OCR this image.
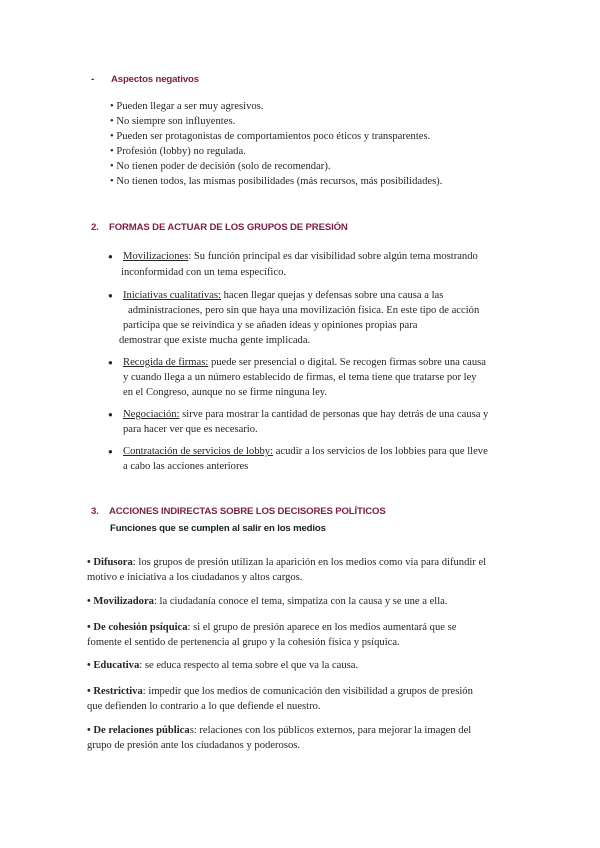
- Aspectos negativos
• Pueden llegar a ser muy agresivos.
• No siempre son influyentes.
• Pueden ser protagonistas de comportamientos poco éticos y transparentes.
• Profesión (lobby) no regulada.
• No tienen poder de decisión (solo de recomendar).
• No tienen todos, las mismas posibilidades (más recursos, más posibilidades).
2. FORMAS DE ACTUAR DE LOS GRUPOS DE PRESIÓN
● Movilizaciones: Su función principal es dar visibilidad sobre algún tema mostrando
inconformidad con un tema específico.
● Iniciativas cualitativas: hacen llegar quejas y defensas sobre una causa a las
administraciones, pero sin que haya una movilización física. En este tipo de acción
participa que se reivindica y se añaden ideas y opiniones propias para
demostrar que existe mucha gente implicada.
● Recogida de firmas: puede ser presencial o digital. Se recogen firmas sobre una causa
y cuando llega a un número establecido de firmas, el tema tiene que tratarse por ley
en el Congreso, aunque no se firme ninguna ley.
● Negociación: sirve para mostrar la cantidad de personas que hay detrás de una causa y
para hacer ver que es necesario.
● Contratación de servicios de lobby: acudir a los servicios de los lobbies para que lleve
a cabo las acciones anteriores
3. ACCIONES INDIRECTAS SOBRE LOS DECISORES POLÍTICOS
Funciones que se cumplen al salir en los medios
• Difusora: los grupos de presión utilizan la aparición en los medios como via para difundir el
motivo e iniciativa a los ciudadanos y altos cargos.
• Movilizadora: la ciudadanía conoce el tema, simpatiza con la causa y se une a ella.
• De cohesión psíquica: si el grupo de presión aparece en los medios aumentará que se
fomente el sentido de pertenencia al grupo y la cohesión física y psíquica.
• Educativa: se educa respecto al tema sobre el que va la causa.
• Restrictiva: impedir que los medios de comunicación den visibilidad a grupos de presión
que defienden lo contrario a lo que defiende el nuestro.
• De relaciones públicas: relaciones con los públicos externos, para mejorar la imagen del
grupo de presión ante los ciudadanos y poderosos.
